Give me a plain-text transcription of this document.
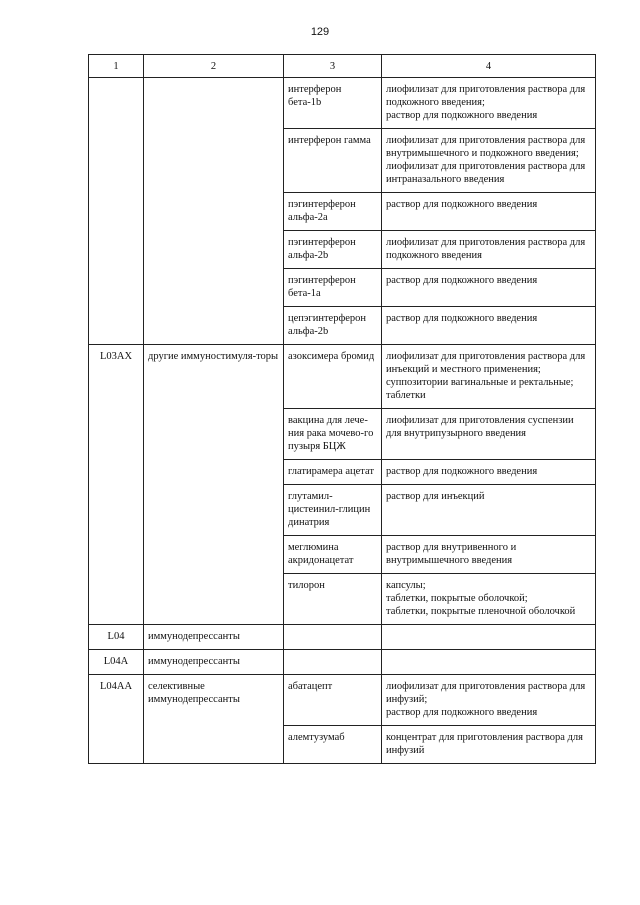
129
1	2	3	4
		интерферон бета-1b	лиофилизат для приготовления раствора для подкожного введения;
раствор для подкожного введения
		интерферон гамма	лиофилизат для приготовления раствора для внутримышечного и подкожного введения;
лиофилизат для приготовления раствора для интраназального введения
		пэгинтерферон альфа-2а	раствор для подкожного введения
		пэгинтерферон альфа-2b	лиофилизат для приготовления раствора для подкожного введения
		пэгинтерферон бета-1а	раствор для подкожного введения
		цепэгинтерферон альфа-2b	раствор для подкожного введения
L03AX	другие иммуностимуля-торы	азоксимера бромид	лиофилизат для приготовления раствора для инъекций и местного применения;
суппозитории вагинальные и ректальные;
таблетки
		вакцина для лече-ния рака мочево-го пузыря БЦЖ	лиофилизат для приготовления суспензии для внутрипузырного введения
		глатирамера ацетат	раствор для подкожного введения
		глутамил-цистеинил-глицин динатрия	раствор для инъекций
		меглюмина акридонацетат	раствор для внутривенного и внутримышечного введения
		тилорон	капсулы;
таблетки, покрытые оболочкой;
таблетки, покрытые пленочной оболочкой
L04	иммунодепрессанты		
L04A	иммунодепрессанты		
L04AA	селективные иммунодепрессанты	абатацепт	лиофилизат для приготовления раствора для инфузий;
раствор для подкожного введения
		алемтузумаб	концентрат для приготовления раствора для инфузий
